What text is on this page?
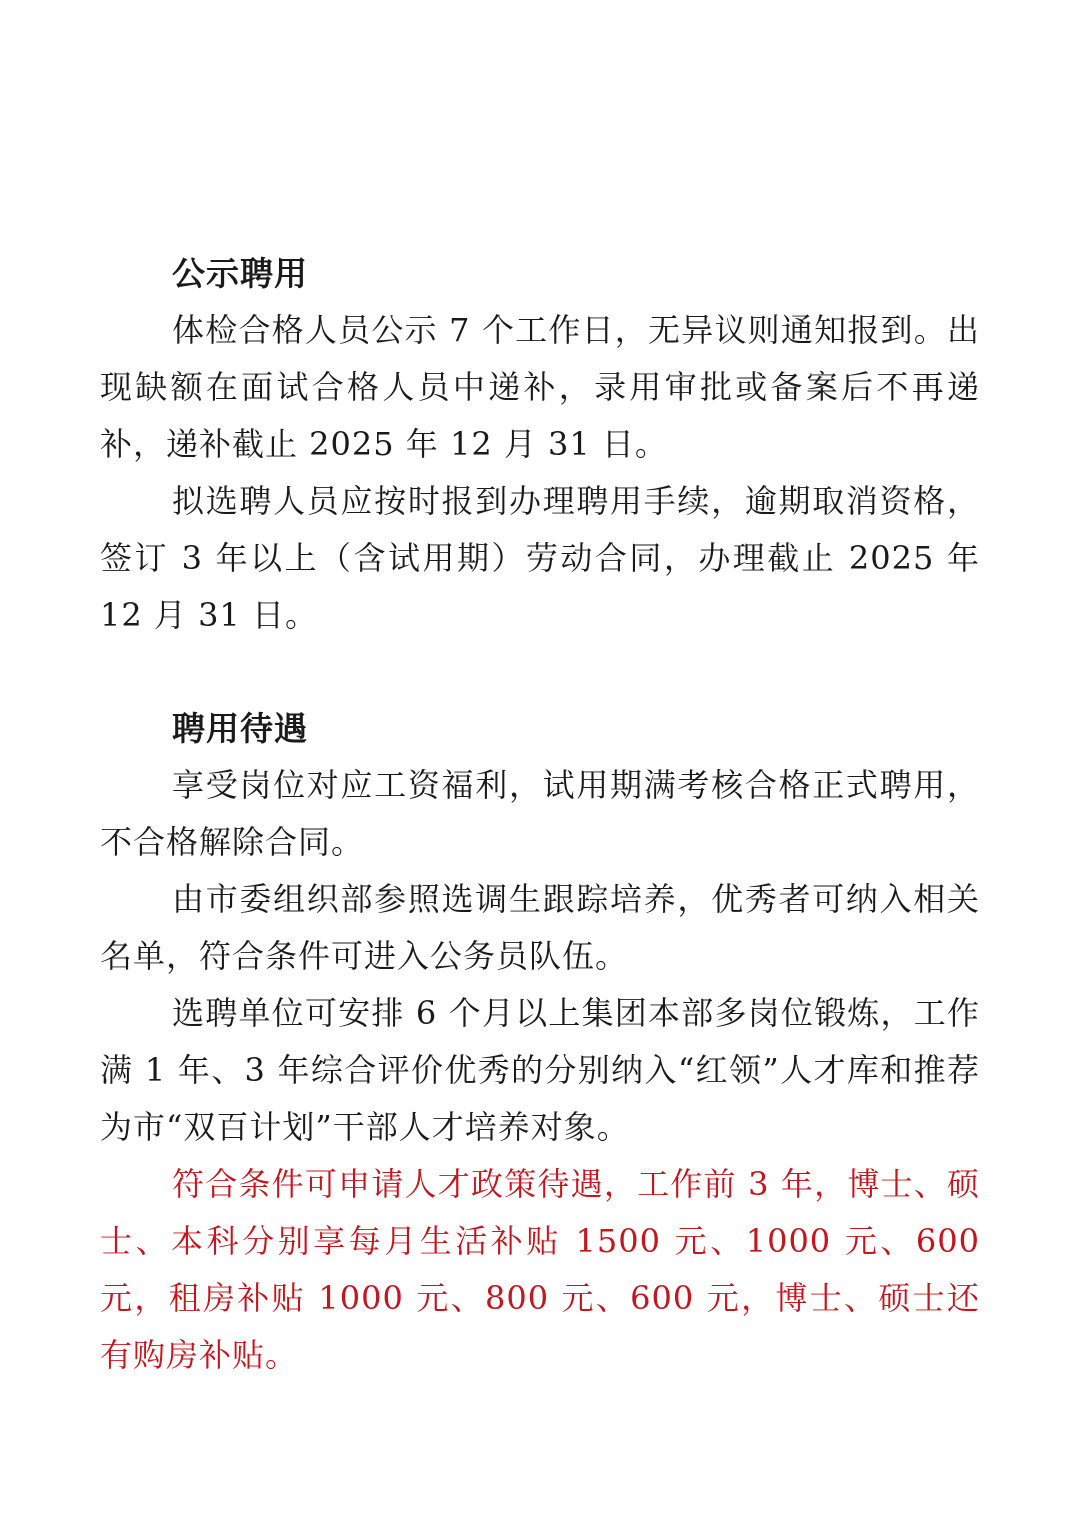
公示聘用

体检合格人员公示 7 个工作日，无异议则通知报到。出现缺额在面试合格人员中递补，录用审批或备案后不再递补，递补截止 2025 年 12 月 31 日。

拟选聘人员应按时报到办理聘用手续，逾期取消资格，签订 3 年以上（含试用期）劳动合同，办理截止 2025 年 12 月 31 日。

聘用待遇

享受岗位对应工资福利，试用期满考核合格正式聘用，不合格解除合同。

由市委组织部参照选调生跟踪培养，优秀者可纳入相关名单，符合条件可进入公务员队伍。

选聘单位可安排 6 个月以上集团本部多岗位锻炼，工作满 1 年、3 年综合评价优秀的分别纳入“红领”人才库和推荐为市“双百计划”干部人才培养对象。

符合条件可申请人才政策待遇，工作前 3 年，博士、硕士、本科分别享每月生活补贴 1500 元、1000 元、600 元，租房补贴 1000 元、800 元、600 元，博士、硕士还有购房补贴。
